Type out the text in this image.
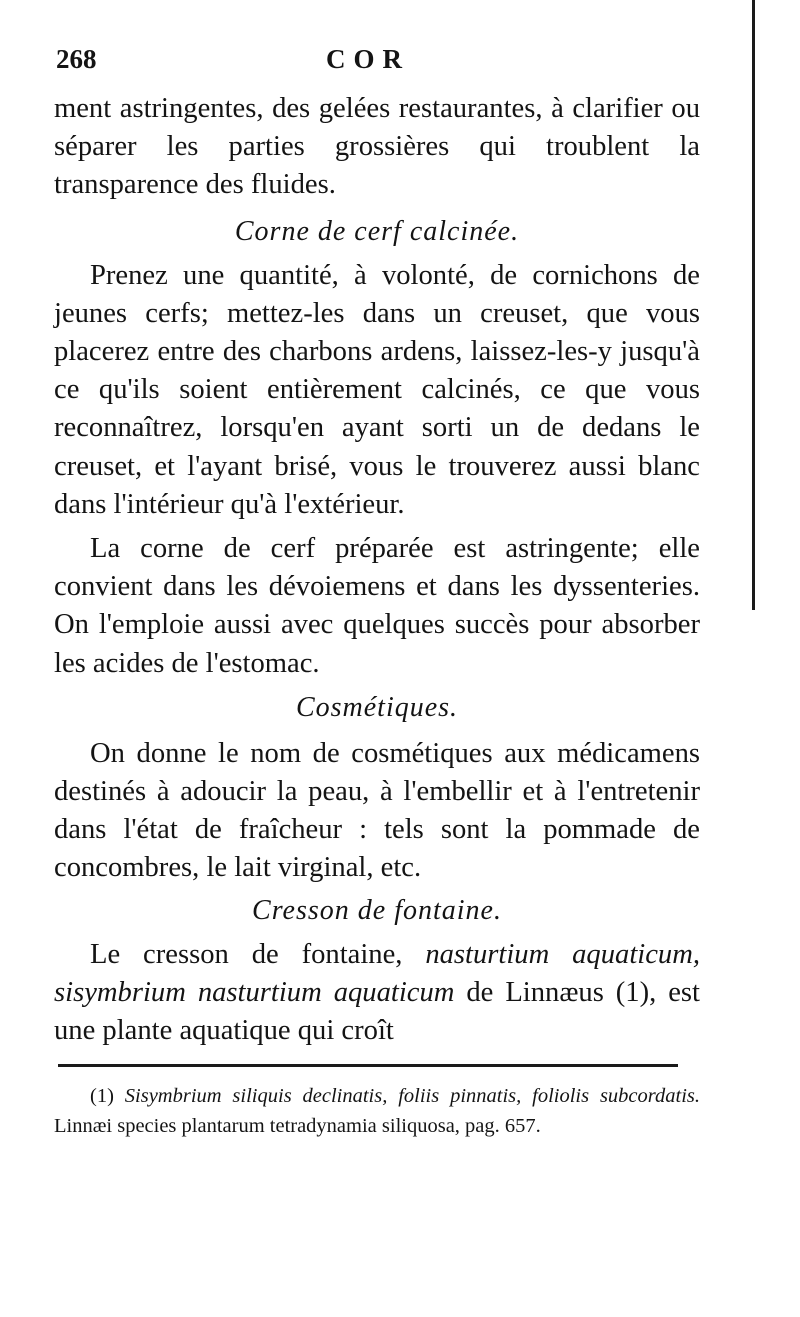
268	COR

ment astringentes, des gelées restaurantes, à clarifier ou séparer les parties grossières qui troublent la transparence des fluides.

Corne de cerf calcinée.

Prenez une quantité, à volonté, de cornichons de jeunes cerfs; mettez-les dans un creuset, que vous placerez entre des charbons ardens, laissez-les-y jusqu'à ce qu'ils soient entièrement calcinés, ce que vous reconnaîtrez, lorsqu'en ayant sorti un de dedans le creuset, et l'ayant brisé, vous le trouverez aussi blanc dans l'intérieur qu'à l'extérieur.

La corne de cerf préparée est astringente; elle convient dans les dévoiemens et dans les dyssenteries. On l'emploie aussi avec quelques succès pour absorber les acides de l'estomac.

Cosmétiques.

On donne le nom de cosmétiques aux médicamens destinés à adoucir la peau, à l'embellir et à l'entretenir dans l'état de fraîcheur : tels sont la pommade de concombres, le lait virginal, etc.

Cresson de fontaine.

Le cresson de fontaine, nasturtium aquaticum, sisymbrium nasturtium aquaticum de Linnæus (1), est une plante aquatique qui croît

(1) Sisymbrium siliquis declinatis, foliis pinnatis, foliolis subcordatis. Linnæi species plantarum tetradynamia siliquosa, pag. 657.
